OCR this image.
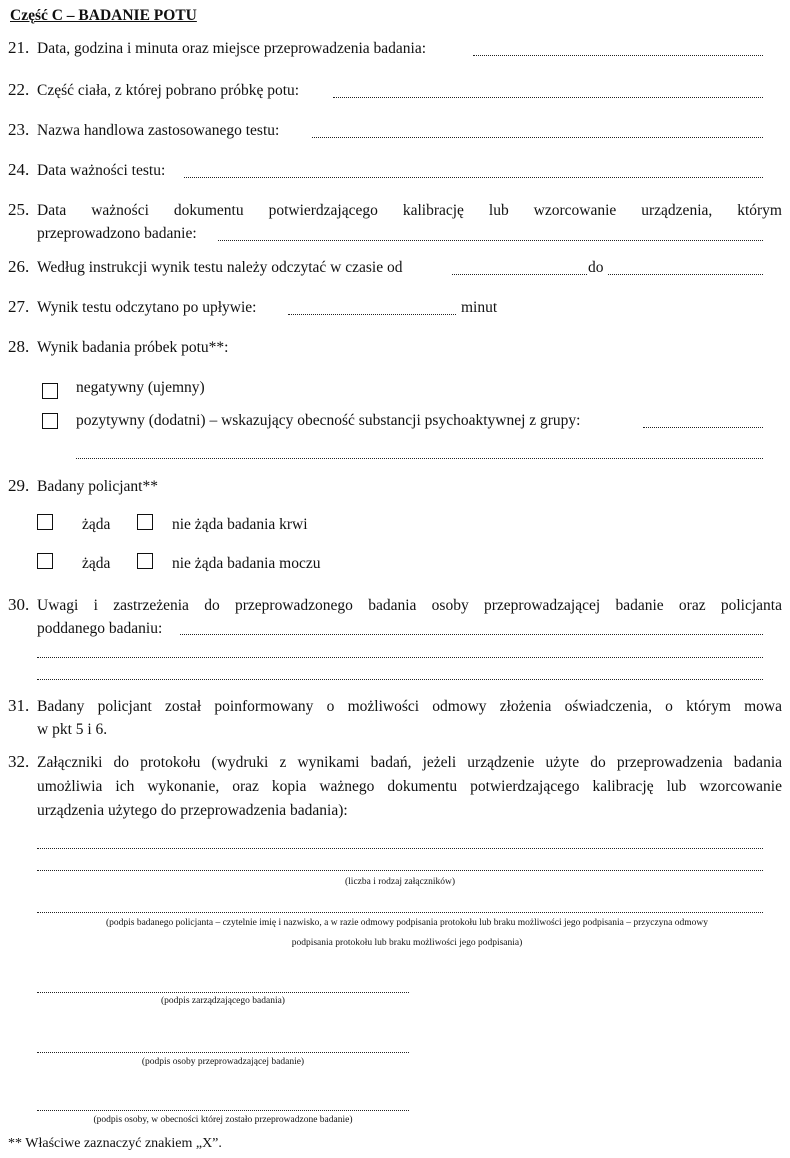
Część C – BADANIE POTU
21. Data, godzina i minuta oraz miejsce przeprowadzenia badania:
22. Część ciała, z której pobrano próbkę potu:
23. Nazwa handlowa zastosowanego testu:
24. Data ważności testu:
25. Data ważności dokumentu potwierdzającego kalibrację lub wzorcowanie urządzenia, którym
przeprowadzono badanie:
26. Według instrukcji wynik testu należy odczytać w czasie od	do
27. Wynik testu odczytano po upływie:	minut
28. Wynik badania próbek potu**:
negatywny (ujemny)
pozytywny (dodatni) – wskazujący obecność substancji psychoaktywnej z grupy:
29. Badany policjant**
żąda	nie żąda badania krwi
żąda	nie żąda badania moczu
30. Uwagi i zastrzeżenia do przeprowadzonego badania osoby przeprowadzającej badanie oraz policjanta
poddanego badaniu:
31. Badany policjant został poinformowany o możliwości odmowy złożenia oświadczenia, o którym mowa
w pkt 5 i 6.
32. Załączniki do protokołu (wydruki z wynikami badań, jeżeli urządzenie użyte do przeprowadzenia badania
umożliwia ich wykonanie, oraz kopia ważnego dokumentu potwierdzającego kalibrację lub wzorcowanie
urządzenia użytego do przeprowadzenia badania):
(liczba i rodzaj załączników)
(podpis badanego policjanta – czytelnie imię i nazwisko, a w razie odmowy podpisania protokołu lub braku możliwości jego podpisania – przyczyna odmowy
podpisania protokołu lub braku możliwości jego podpisania)
(podpis zarządzającego badania)
(podpis osoby przeprowadzającej badanie)
(podpis osoby, w obecności której zostało przeprowadzone badanie)
** Właściwe zaznaczyć znakiem „X”.
